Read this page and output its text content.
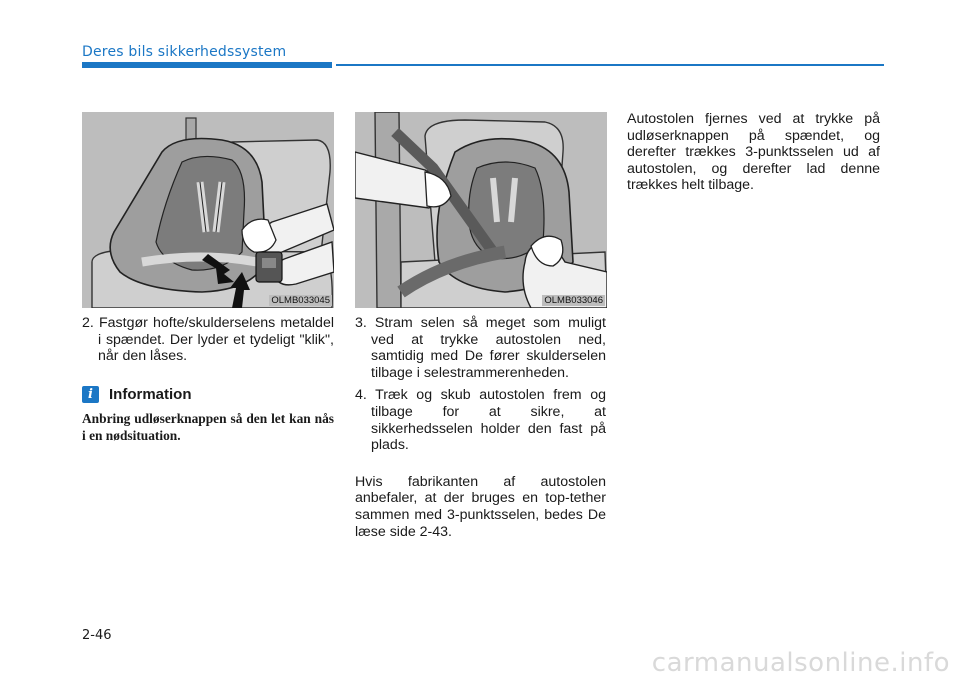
Deres bils sikkerhedssystem
OLMB033045	OLMB033046

2. Fastgør hofte/skulderselens metaldel i spændet. Der lyder et tydeligt "klik", når den låses.

i	Information
Anbring udløserknappen så den let kan nås i en nødsituation.

3. Stram selen så meget som muligt ved at trykke autostolen ned, samtidig med De fører skulderselen tilbage i selestrammerenheden.

4. Træk og skub autostolen frem og tilbage for at sikre, at sikkerhedsselen holder den fast på plads.

Hvis fabrikanten af autostolen anbefaler, at der bruges en top-tether sammen med 3-punktsselen, bedes De læse side 2-43.

Autostolen fjernes ved at trykke på udløserknappen på spændet, og derefter trækkes 3-punktsselen ud af autostolen, og derefter lad denne trækkes helt tilbage.

2-46
carmanualsonline.info
